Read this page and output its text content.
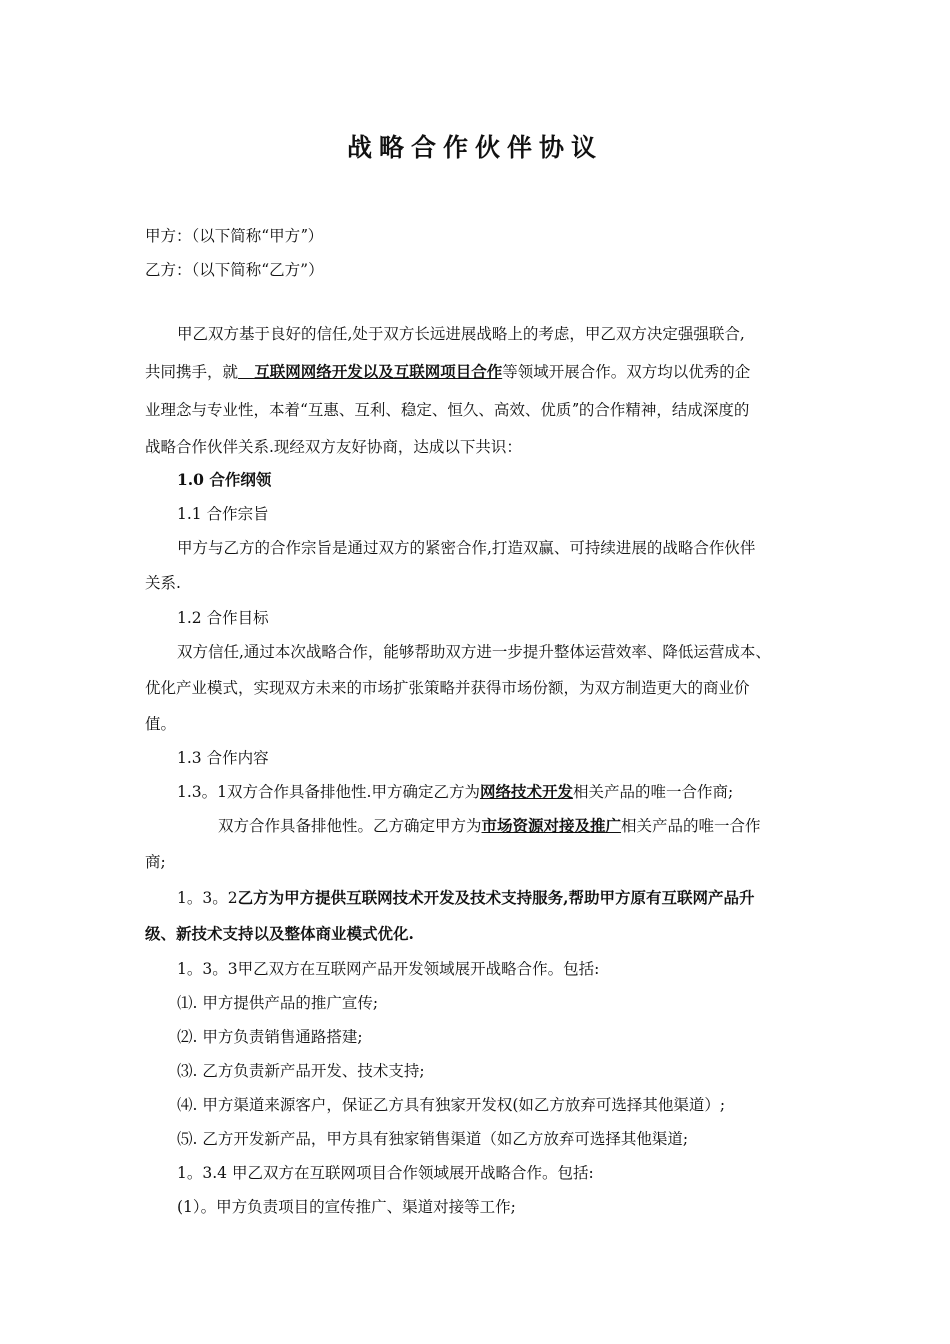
战略合作伙伴协议
甲方：（以下简称“甲方ˮ）
乙方：（以下简称“乙方”）
甲乙双方基于良好的信任,处于双方长远进展战略上的考虑，甲乙双方决定强强联合,
共同携手，就   互联网网络开发以及互联网项目合作等领域开展合作。双方均以优秀的企
业理念与专业性，本着“互惠、互利、稳定、恒久、高效、优质ˮ的合作精神，结成深度的
战略合作伙伴关系.现经双方友好协商，达成以下共识：
1.0 合作纲领
1.1 合作宗旨
甲方与乙方的合作宗旨是通过双方的紧密合作,打造双赢、可持续进展的战略合作伙伴
关系.
1.2 合作目标
双方信任,通过本次战略合作，能够帮助双方进一步提升整体运营效率、降低运营成本、
优化产业模式，实现双方未来的市场扩张策略并获得市场份额，为双方制造更大的商业价
值。
1.3 合作内容
1.3。1双方合作具备排他性.甲方确定乙方为网络技术开发相关产品的唯一合作商;
双方合作具备排他性。乙方确定甲方为市场资源对接及推广相关产品的唯一合作
商;
1。3。2乙方为甲方提供互联网技术开发及技术支持服务,帮助甲方原有互联网产品升
级、新技术支持以及整体商业模式优化.
1。3。3甲乙双方在互联网产品开发领域展开战略合作。包括:
⑴. 甲方提供产品的推广宣传;
⑵. 甲方负责销售通路搭建;
⑶. 乙方负责新产品开发、技术支持;
⑷. 甲方渠道来源客户，保证乙方具有独家开发权(如乙方放弃可选择其他渠道）;
⑸. 乙方开发新产品，甲方具有独家销售渠道（如乙方放弃可选择其他渠道;
1。3.4 甲乙双方在互联网项目合作领域展开战略合作。包括:
(1）。甲方负责项目的宣传推广、渠道对接等工作;
